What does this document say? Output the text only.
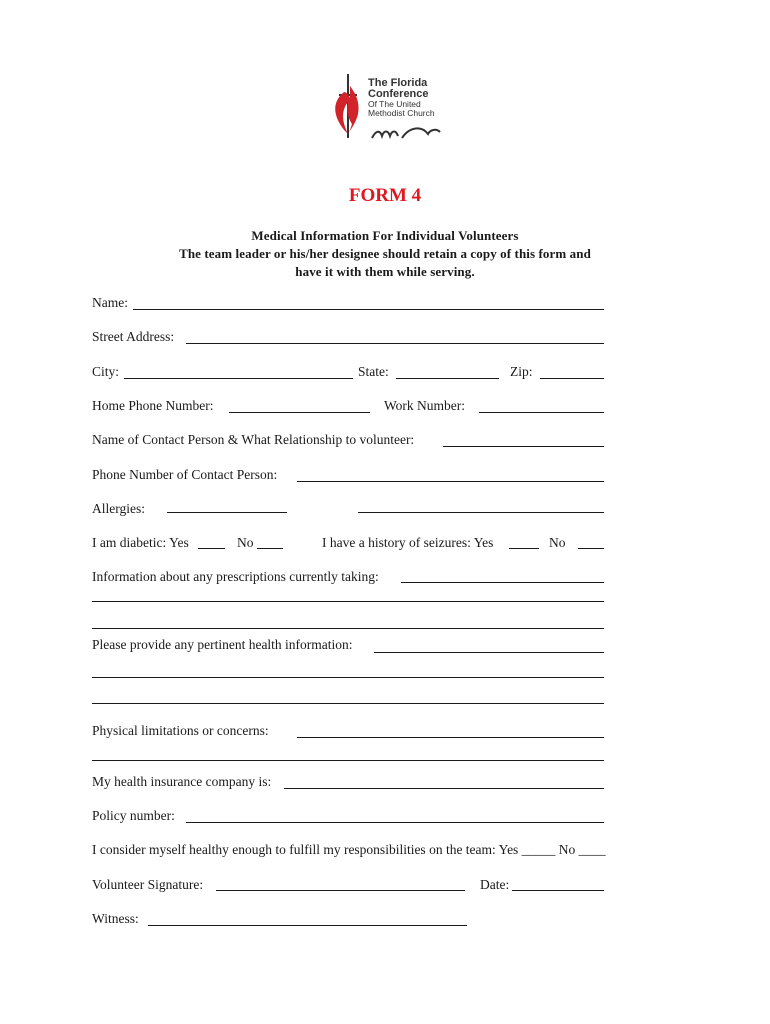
The Florida
Conference
Of The United
Methodist Church
FORM 4
Medical Information For Individual Volunteers
The team leader or his/her designee should retain a copy of this form and
have it with them while serving.
Name:
Street Address:
City:	State:	Zip:
Home Phone Number:	Work Number:
Name of Contact Person & What Relationship to volunteer:
Phone Number of Contact Person:
Allergies:
I am diabetic: Yes	No	I have a history of seizures: Yes	No
Information about any prescriptions currently taking:
Please provide any pertinent health information:
Physical limitations or concerns:
My health insurance company is:
Policy number:
I consider myself healthy enough to fulfill my responsibilities on the team: Yes _____ No ____
Volunteer Signature:	Date:
Witness:
